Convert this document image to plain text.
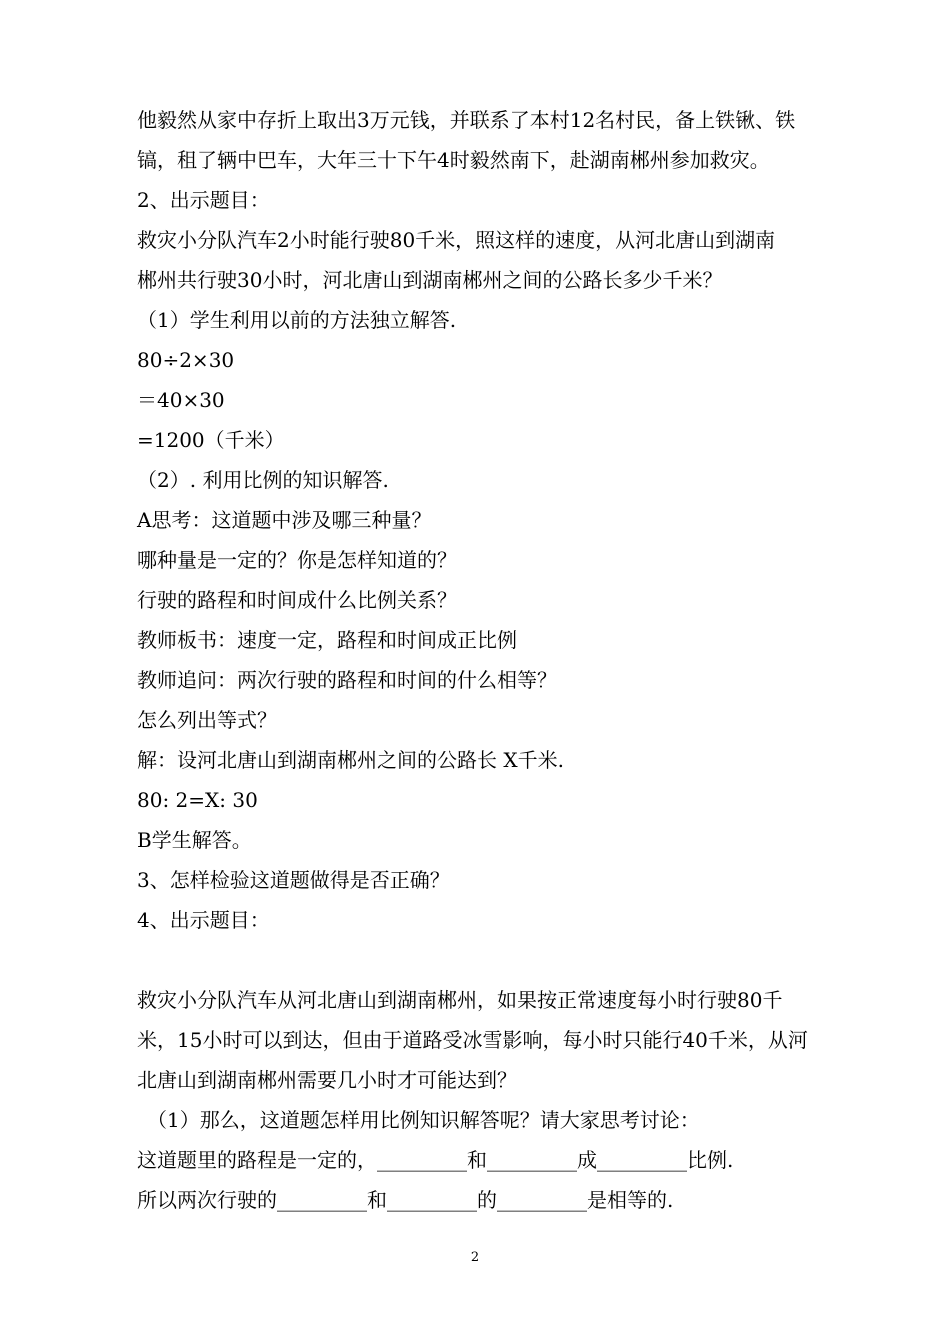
他毅然从家中存折上取出3万元钱，并联系了本村12名村民，备上铁锹、铁
镐，租了辆中巴车，大年三十下午4时毅然南下，赴湖南郴州参加救灾。
2、出示题目：
救灾小分队汽车2小时能行驶80千米，照这样的速度，从河北唐山到湖南
郴州共行驶30小时，河北唐山到湖南郴州之间的公路长多少千米？
（1）学生利用以前的方法独立解答.
80÷2×30
＝40×30
=1200（千米）
（2）. 利用比例的知识解答.
A思考：这道题中涉及哪三种量？
哪种量是一定的？你是怎样知道的？
行驶的路程和时间成什么比例关系？
教师板书：速度一定，路程和时间成正比例
教师追问：两次行驶的路程和时间的什么相等？
怎么列出等式？
解：设河北唐山到湖南郴州之间的公路长 X千米.
80: 2=X: 30
B学生解答。
3、怎样检验这道题做得是否正确？
4、出示题目：
救灾小分队汽车从河北唐山到湖南郴州，如果按正常速度每小时行驶80千
米，15小时可以到达，但由于道路受冰雪影响，每小时只能行40千米，从河
北唐山到湖南郴州需要几小时才可能达到？
　（1）那么，这道题怎样用比例知识解答呢？请大家思考讨论：
这道题里的路程是一定的，_________和_________成_________比例.
所以两次行驶的_________和_________的_________是相等的.
2
